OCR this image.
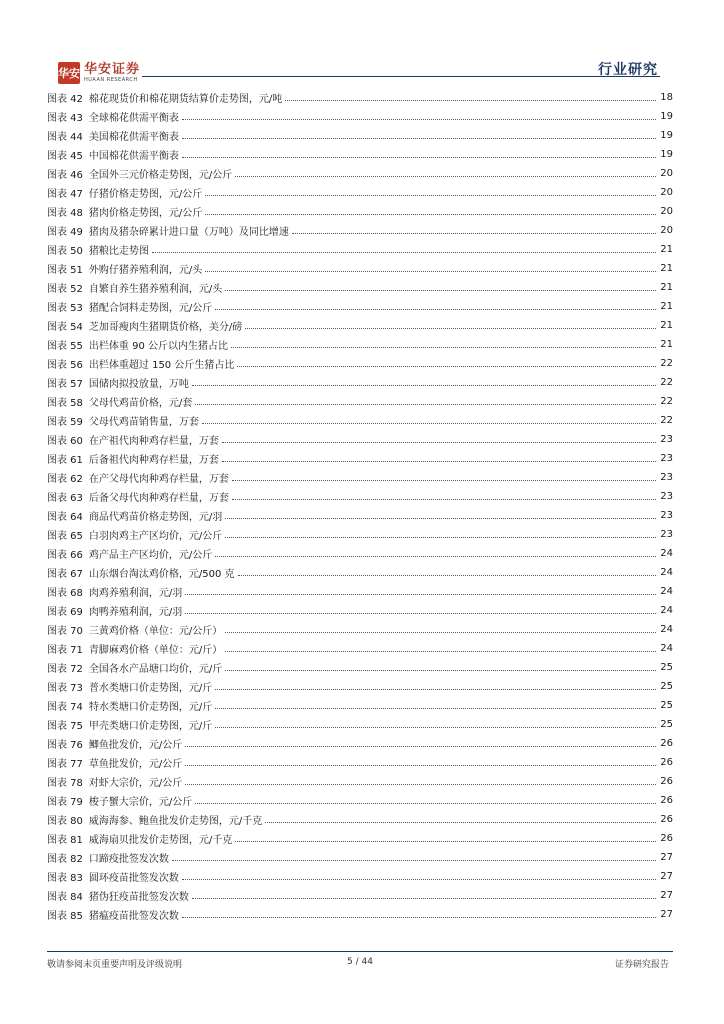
华安 华安证券
HUAAN RESEARCH
行业研究
图表 42 棉花现货价和棉花期货结算价走势图，元/吨	18
图表 43 全球棉花供需平衡表	19
图表 44 美国棉花供需平衡表	19
图表 45 中国棉花供需平衡表	19
图表 46 全国外三元价格走势图，元/公斤	20
图表 47 仔猪价格走势图，元/公斤	20
图表 48 猪肉价格走势图，元/公斤	20
图表 49 猪肉及猪杂碎累计进口量（万吨）及同比增速	20
图表 50 猪粮比走势图	21
图表 51 外购仔猪养殖利润，元/头	21
图表 52 自繁自养生猪养殖利润，元/头	21
图表 53 猪配合饲料走势图，元/公斤	21
图表 54 芝加哥瘦肉生猪期货价格，美分/磅	21
图表 55 出栏体重 90 公斤以内生猪占比	21
图表 56 出栏体重超过 150 公斤生猪占比	22
图表 57 国储肉拟投放量，万吨	22
图表 58 父母代鸡苗价格，元/套	22
图表 59 父母代鸡苗销售量，万套	22
图表 60 在产祖代肉种鸡存栏量，万套	23
图表 61 后备祖代肉种鸡存栏量，万套	23
图表 62 在产父母代肉种鸡存栏量，万套	23
图表 63 后备父母代肉种鸡存栏量，万套	23
图表 64 商品代鸡苗价格走势图，元/羽	23
图表 65 白羽肉鸡主产区均价，元/公斤	23
图表 66 鸡产品主产区均价，元/公斤	24
图表 67 山东烟台淘汰鸡价格，元/500 克	24
图表 68 肉鸡养殖利润，元/羽	24
图表 69 肉鸭养殖利润，元/羽	24
图表 70 三黄鸡价格（单位：元/公斤）	24
图表 71 青脚麻鸡价格（单位：元/斤）	24
图表 72 全国各水产品塘口均价，元/斤	25
图表 73 普水类塘口价走势图，元/斤	25
图表 74 特水类塘口价走势图，元/斤	25
图表 75 甲壳类塘口价走势图，元/斤	25
图表 76 鲫鱼批发价，元/公斤	26
图表 77 草鱼批发价，元/公斤	26
图表 78 对虾大宗价，元/公斤	26
图表 79 梭子蟹大宗价，元/公斤	26
图表 80 威海海参、鲍鱼批发价走势图，元/千克	26
图表 81 威海扇贝批发价走势图，元/千克	26
图表 82 口蹄疫批签发次数	27
图表 83 圆环疫苗批签发次数	27
图表 84 猪伪狂疫苗批签发次数	27
图表 85 猪瘟疫苗批签发次数	27
敬请参阅末页重要声明及评级说明	5 / 44	证券研究报告
